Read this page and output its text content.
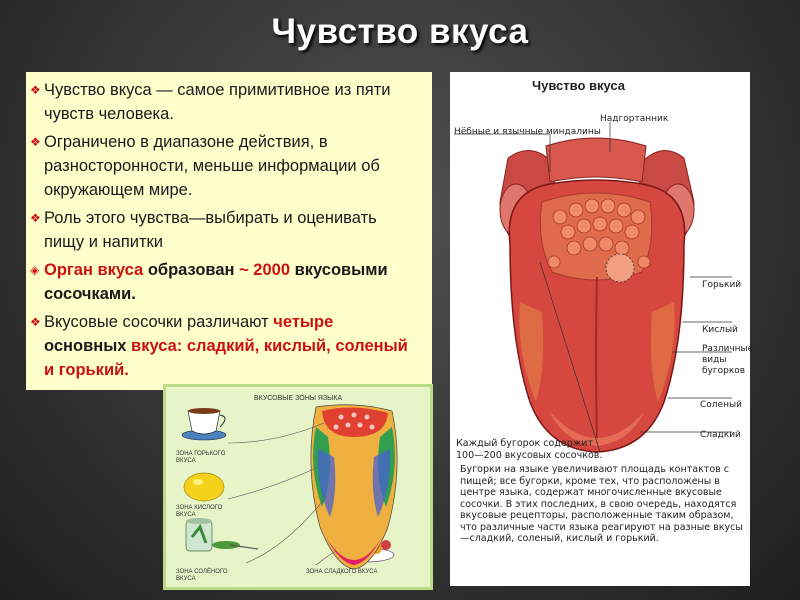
Чувство вкуса
❖ Чувство вкуса — самое примитивное из пяти чувств человека.
❖ Ограничено в диапазоне действия, в разносторонности, меньше информации об окружающем мире.
❖ Роль этого чувства—выбирать и оценивать пищу и напитки
◈ Орган вкуса образован ~ 2000 вкусовыми сосочками.
❖ Вкусовые сосочки различают четыре основных вкуса: сладкий, кислый, соленый и горький.
Чувство вкуса
Надгортанник
Нёбные и язычные миндалины
Горький
Кислый
Различные
виды
бугорков
Соленый
Сладкий
Каждый бугорок содержит 100—200 вкусовых сосочков.
Бугорки на языке увеличивают площадь контактов с пищей; все бугорки, кроме тех, что расположены в центре языка, содержат многочисленные вкусовые сосочки. В этих последних, в свою очередь, находятся вкусовые рецепторы, расположенные таким образом, что различные части языка реагируют на разные вкусы —сладкий, соленый, кислый и горький.
ВКУСОВЫЕ ЗОНЫ ЯЗЫКА
ЗОНА ГОРЬКОГО ВКУСА
ЗОНА КИСЛОГО ВКУСА
ЗОНА СОЛЁНОГО ВКУСА
ЗОНА СЛАДКОГО ВКУСА
